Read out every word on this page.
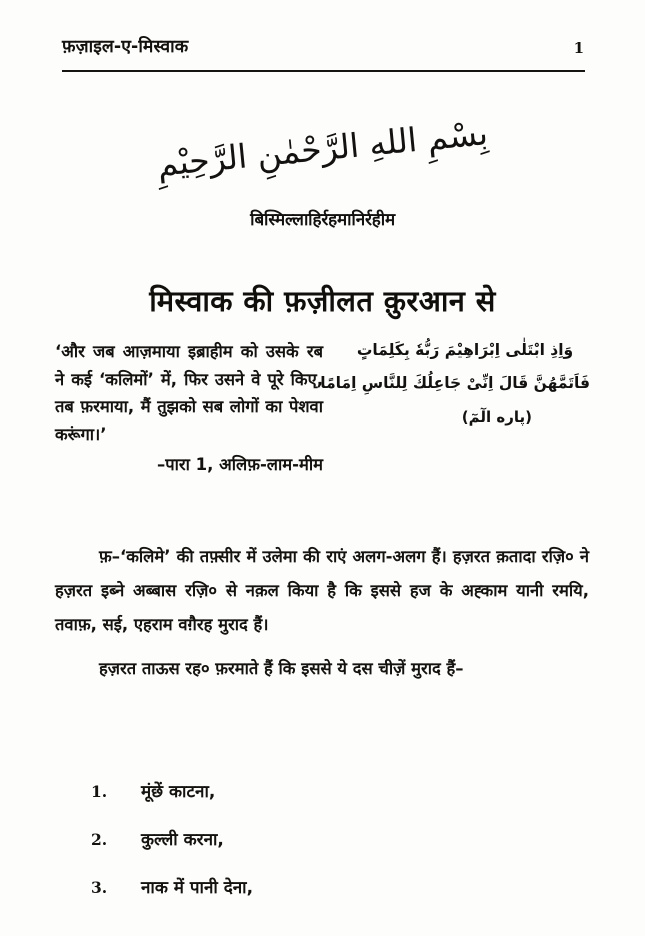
फ़ज़ाइल-ए-मिस्वाक	1
بِسْمِ اللهِ الرَّحْمٰنِ الرَّحِيْمِ
बिस्मिल्लाहिर्रहमानिर्रहीम
मिस्वाक की फ़ज़ीलत क़ुरआन से
‘और जब आज़माया इब्राहीम को उसके रब ने कई ‘कलिमों’ में, फिर उसने वे पूरे किए, तब फ़रमाया, मैं तुझको सब लोगों का पेशवा करूंगा।’
–पारा 1, अलिफ़-लाम-मीम
وَاِذِ ابْتَلٰى اِبْرَاهِيْمَ رَبُّهٗ بِكَلِمَاتٍ
فَاَتَمَّهُنَّ قَالَ اِنِّىْ جَاعِلُكَ لِلنَّاسِ اِمَامًا۔
(پاره الٓمٓ)

फ़–‘कलिमे’ की तफ़्सीर में उलेमा की राएं अलग-अलग हैं। हज़रत क़तादा रज़ि० ने हज़रत इब्ने अब्बास रज़ि० से नक़ल किया है कि इससे हज के अह्काम यानी रमयि, तवाफ़, सई, एहराम वग़ैरह मुराद हैं।

हज़रत ताऊस रह० फ़रमाते हैं कि इससे ये दस चीज़ें मुराद हैं–

1.	मूंछें काटना,
2.	कुल्ली करना,
3.	नाक में पानी देना,
